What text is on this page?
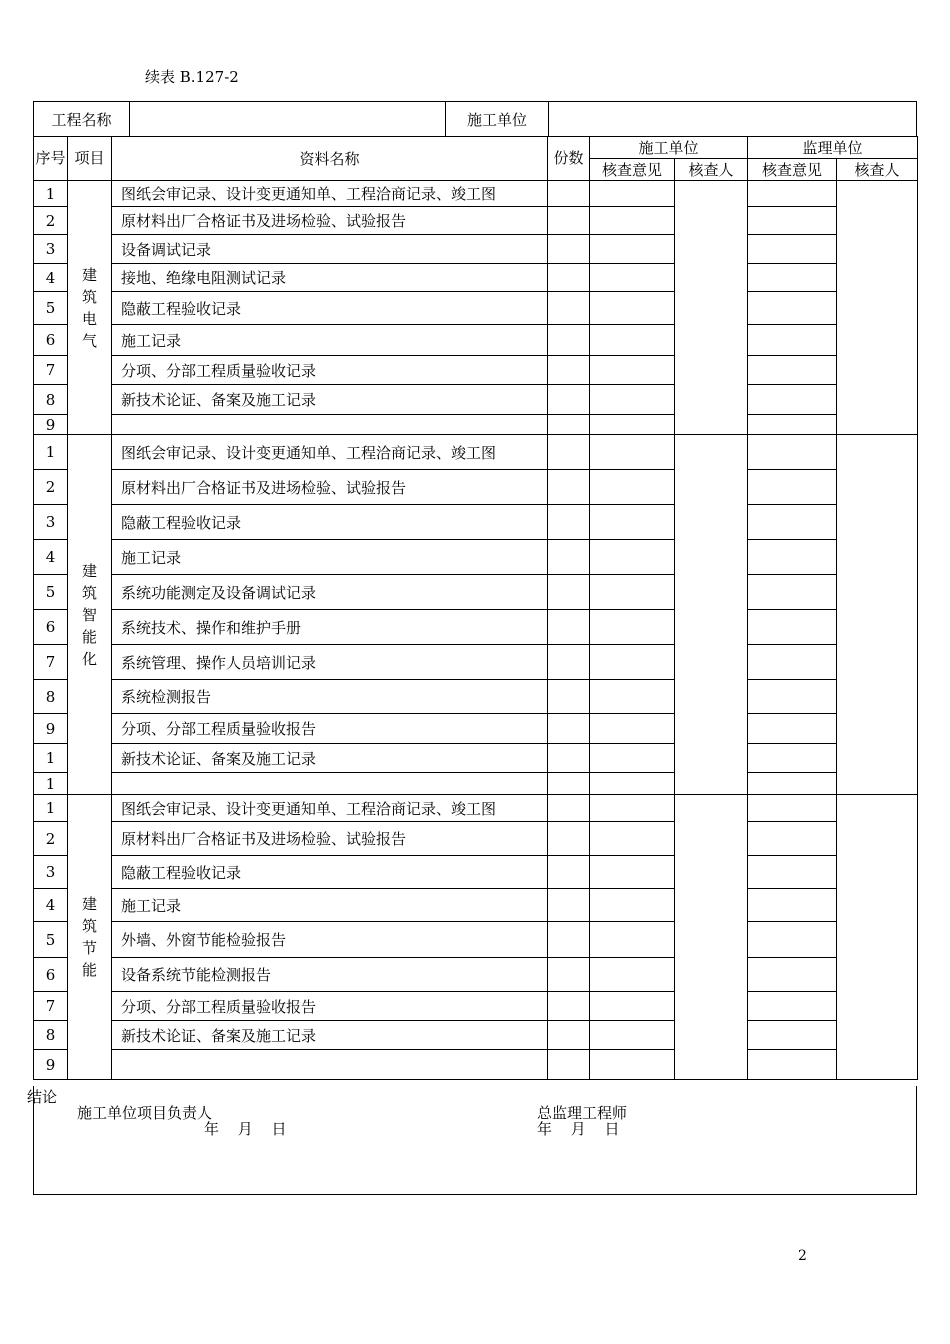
续表 B.127-2
工程名称		施工单位	
序号	项目	资料名称	份数	施工单位		监理单位	
				核查意见	核查人	核查意见	核查人
1	建筑电气	图纸会审记录、设计变更通知单、工程洽商记录、竣工图					
2		原材料出厂合格证书及进场检验、试验报告					
3		设备调试记录					
4		接地、绝缘电阻测试记录					
5		隐蔽工程验收记录					
6		施工记录					
7		分项、分部工程质量验收记录					
8		新技术论证、备案及施工记录					
9							
1	建筑智能化	图纸会审记录、设计变更通知单、工程洽商记录、竣工图					
2		原材料出厂合格证书及进场检验、试验报告					
3		隐蔽工程验收记录					
4		施工记录					
5		系统功能测定及设备调试记录					
6		系统技术、操作和维护手册					
7		系统管理、操作人员培训记录					
8		系统检测报告					
9		分项、分部工程质量验收报告					
1		新技术论证、备案及施工记录					
1							
1	建筑节能	图纸会审记录、设计变更通知单、工程洽商记录、竣工图					
2		原材料出厂合格证书及进场检验、试验报告					
3		隐蔽工程验收记录					
4		施工记录					
5		外墙、外窗节能检验报告					
6		设备系统节能检测报告					
7		分项、分部工程质量验收报告					
8		新技术论证、备案及施工记录					
9							
结论
施工单位项目负责人
年 月 日
总监理工程师
年 月 日
2
